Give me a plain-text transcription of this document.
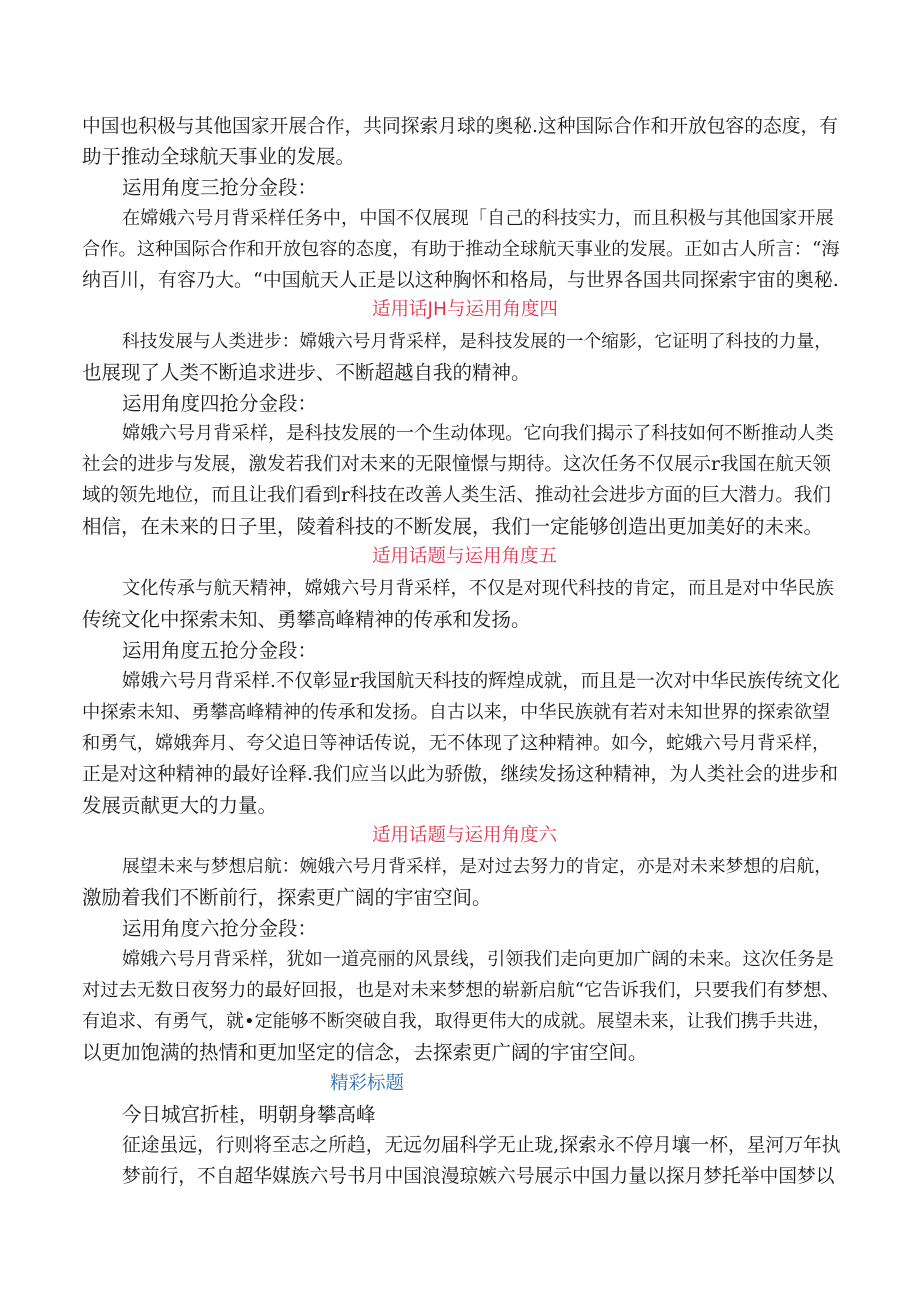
中国也积极与其他国家开展合作，共同探索月球的奥秘.这种国际合作和开放包容的态度，有
助于推动全球航天事业的发展。
运用角度三抢分金段：
在嫦娥六号月背采样任务中，中国不仅展现「自己的科技实力，而且积极与其他国家开展
合作。这种国际合作和开放包容的态度，有助于推动全球航天事业的发展。正如古人所言：“海
纳百川，有容乃大。“中国航天人正是以这种胸怀和格局，与世界各国共同探索宇宙的奥秘.
适用话JH与运用角度四
科技发展与人类进步：嫦娥六号月背采样，是科技发展的一个缩影，它证明了科技的力量，
也展现了人类不断追求进步、不断超越自我的精神。
运用角度四抢分金段：
嫦娥六号月背采样，是科技发展的一个生动体现。它向我们揭示了科技如何不断推动人类
社会的进步与发展，激发若我们对未来的无限憧憬与期待。这次任务不仅展示r我国在航天领
域的领先地位，而且让我们看到r科技在改善人类生活、推动社会进步方面的巨大潜力。我们
相信，在未来的日子里，陵着科技的不断发展，我们一定能够创造出更加美好的未来。
适用话题与运用角度五
文化传承与航天精神，嫦娥六号月背采样，不仅是对现代科技的肯定，而且是对中华民族
传统文化中探索未知、勇攀高峰精神的传承和发扬。
运用角度五抢分金段：
嫦娥六号月背采样.不仅彰显r我国航天科技的辉煌成就，而且是一次对中华民族传统文化
中探索未知、勇攀高峰精神的传承和发扬。自古以来，中华民族就有若对未知世界的探索欲望
和勇气，嫦娥奔月、夸父追日等神话传说，无不体现了这种精神。如今，蛇娥六号月背采样，
正是对这种精神的最好诠释.我们应当以此为骄傲，继续发扬这种精神，为人类社会的进步和
发展贡献更大的力量。
适用话题与运用角度六
展望未来与梦想启航：婉娥六号月背采样，是对过去努力的肯定，亦是对未来梦想的启航，
激励着我们不断前行，探索更广阔的宇宙空间。
运用角度六抢分金段：
嫦娥六号月背采样，犹如一道亮丽的风景线，引领我们走向更加广阔的未来。这次任务是
对过去无数日夜努力的最好回报，也是对未来梦想的崭新启航“它告诉我们，只要我们有梦想、
有追求、有勇气，就•定能够不断突破自我，取得更伟大的成就。展望未来，让我们携手共进，
以更加饱满的热情和更加坚定的信念，去探索更广阔的宇宙空间。
精彩标题
今日城宫折桂，明朝身攀高峰
征途虽远，行则将至志之所趋，无远勿届科学无止珑,探索永不停月壤一杯，星河万年执
梦前行，不自超华媒族六号书月中国浪漫琼嫉六号展示中国力量以探月梦托举中国梦以
